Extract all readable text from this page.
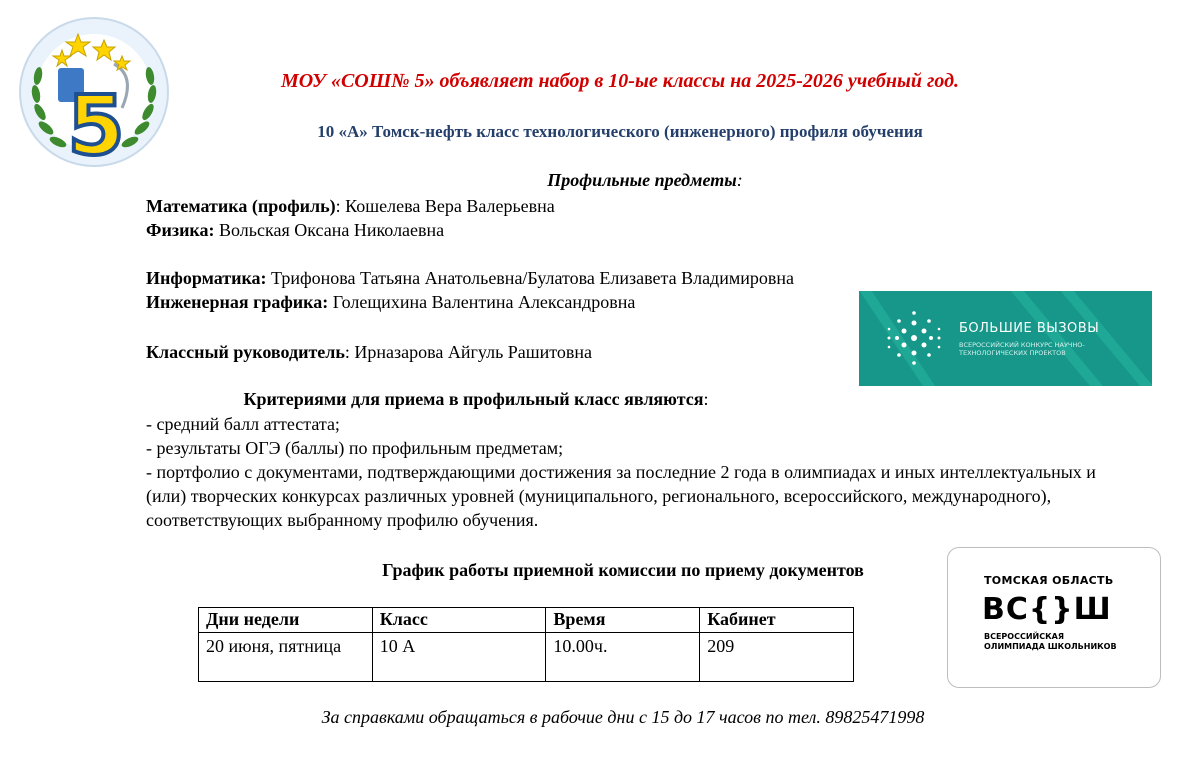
5	МОУ «СОШ№ 5» объявляет набор в 10-ые классы на 2025-2026 учебный год.
10 «А» Томск-нефть класс технологического (инженерного) профиля обучения
Профильные предметы:
Математика (профиль): Кошелева Вера Валерьевна
Физика: Вольская Оксана Николаевна
Информатика: Трифонова Татьяна Анатольевна/Булатова Елизавета Владимировна
Инженерная графика: Голещихина Валентина Александровна
Классный руководитель: Ирназарова Айгуль Рашитовна
БОЛЬШИЕ ВЫЗОВЫ
ВСЕРОССИЙСКИЙ КОНКУРС НАУЧНО-ТЕХНОЛОГИЧЕСКИХ ПРОЕКТОВ
Критериями для приема в профильный класс являются:
- средний балл аттестата;
- результаты ОГЭ (баллы) по профильным предметам;
- портфолио с документами, подтверждающими достижения за последние 2 года в олимпиадах и иных интеллектуальных и (или) творческих конкурсах различных уровней (муниципального, регионального, всероссийского, международного), соответствующих выбранному профилю обучения.
График работы приемной комиссии по приему документов
Дни недели	Класс	Время	Кабинет
20 июня, пятница	10 А	10.00ч.	209
ТОМСКАЯ ОБЛАСТЬ
ВС{}Ш
ВСЕРОССИЙСКАЯ ОЛИМПИАДА ШКОЛЬНИКОВ
За справками обращаться в рабочие дни с 15 до 17 часов по тел. 89825471998
